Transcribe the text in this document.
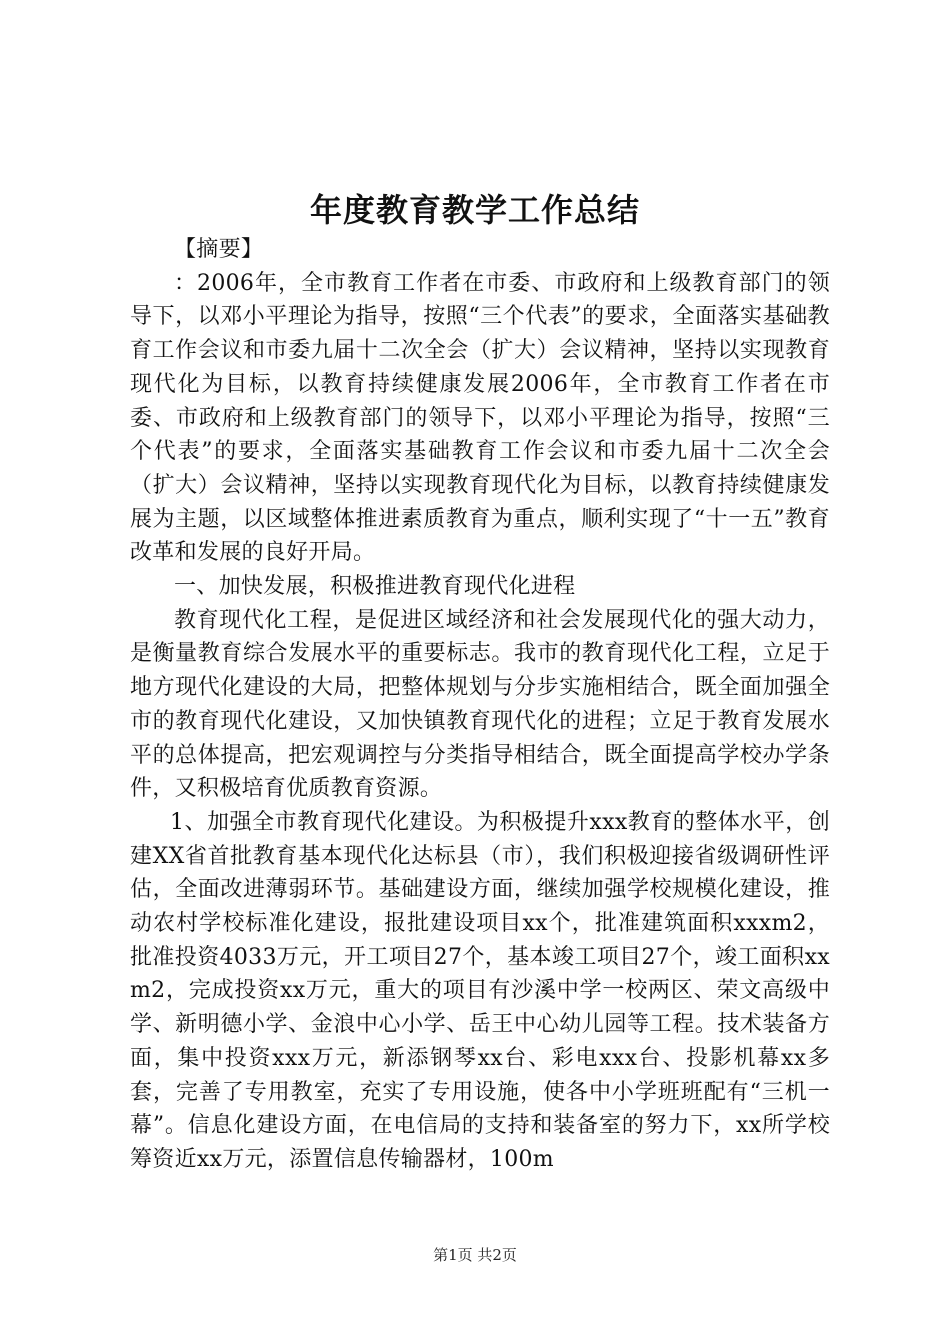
年度教育教学工作总结

【摘要】

：2006年，全市教育工作者在市委、市政府和上级教育部门的领导下，以邓小平理论为指导，按照“三个代表”的要求，全面落实基础教育工作会议和市委九届十二次全会（扩大）会议精神，坚持以实现教育现代化为目标，以教育持续健康发展2006年，全市教育工作者在市委、市政府和上级教育部门的领导下，以邓小平理论为指导，按照“三个代表”的要求，全面落实基础教育工作会议和市委九届十二次全会（扩大）会议精神，坚持以实现教育现代化为目标，以教育持续健康发展为主题，以区域整体推进素质教育为重点，顺利实现了“十一五”教育改革和发展的良好开局。

一、加快发展，积极推进教育现代化进程

教育现代化工程，是促进区域经济和社会发展现代化的强大动力，是衡量教育综合发展水平的重要标志。我市的教育现代化工程，立足于地方现代化建设的大局，把整体规划与分步实施相结合，既全面加强全市的教育现代化建设，又加快镇教育现代化的进程；立足于教育发展水平的总体提高，把宏观调控与分类指导相结合，既全面提高学校办学条件，又积极培育优质教育资源。

1、加强全市教育现代化建设。为积极提升xxx教育的整体水平，创建XX省首批教育基本现代化达标县（市），我们积极迎接省级调研性评估，全面改进薄弱环节。基础建设方面，继续加强学校规模化建设，推动农村学校标准化建设，报批建设项目xx个，批准建筑面积xxxm2，批准投资4033万元，开工项目27个，基本竣工项目27个，竣工面积xxm2，完成投资xx万元，重大的项目有沙溪中学一校两区、荣文高级中学、新明德小学、金浪中心小学、岳王中心幼儿园等工程。技术装备方面，集中投资xxx万元，新添钢琴xx台、彩电xxx台、投影机幕xx多套，完善了专用教室，充实了专用设施，使各中小学班班配有“三机一幕”。信息化建设方面，在电信局的支持和装备室的努力下，xx所学校筹资近xx万元，添置信息传输器材，100m

第1页 共2页
